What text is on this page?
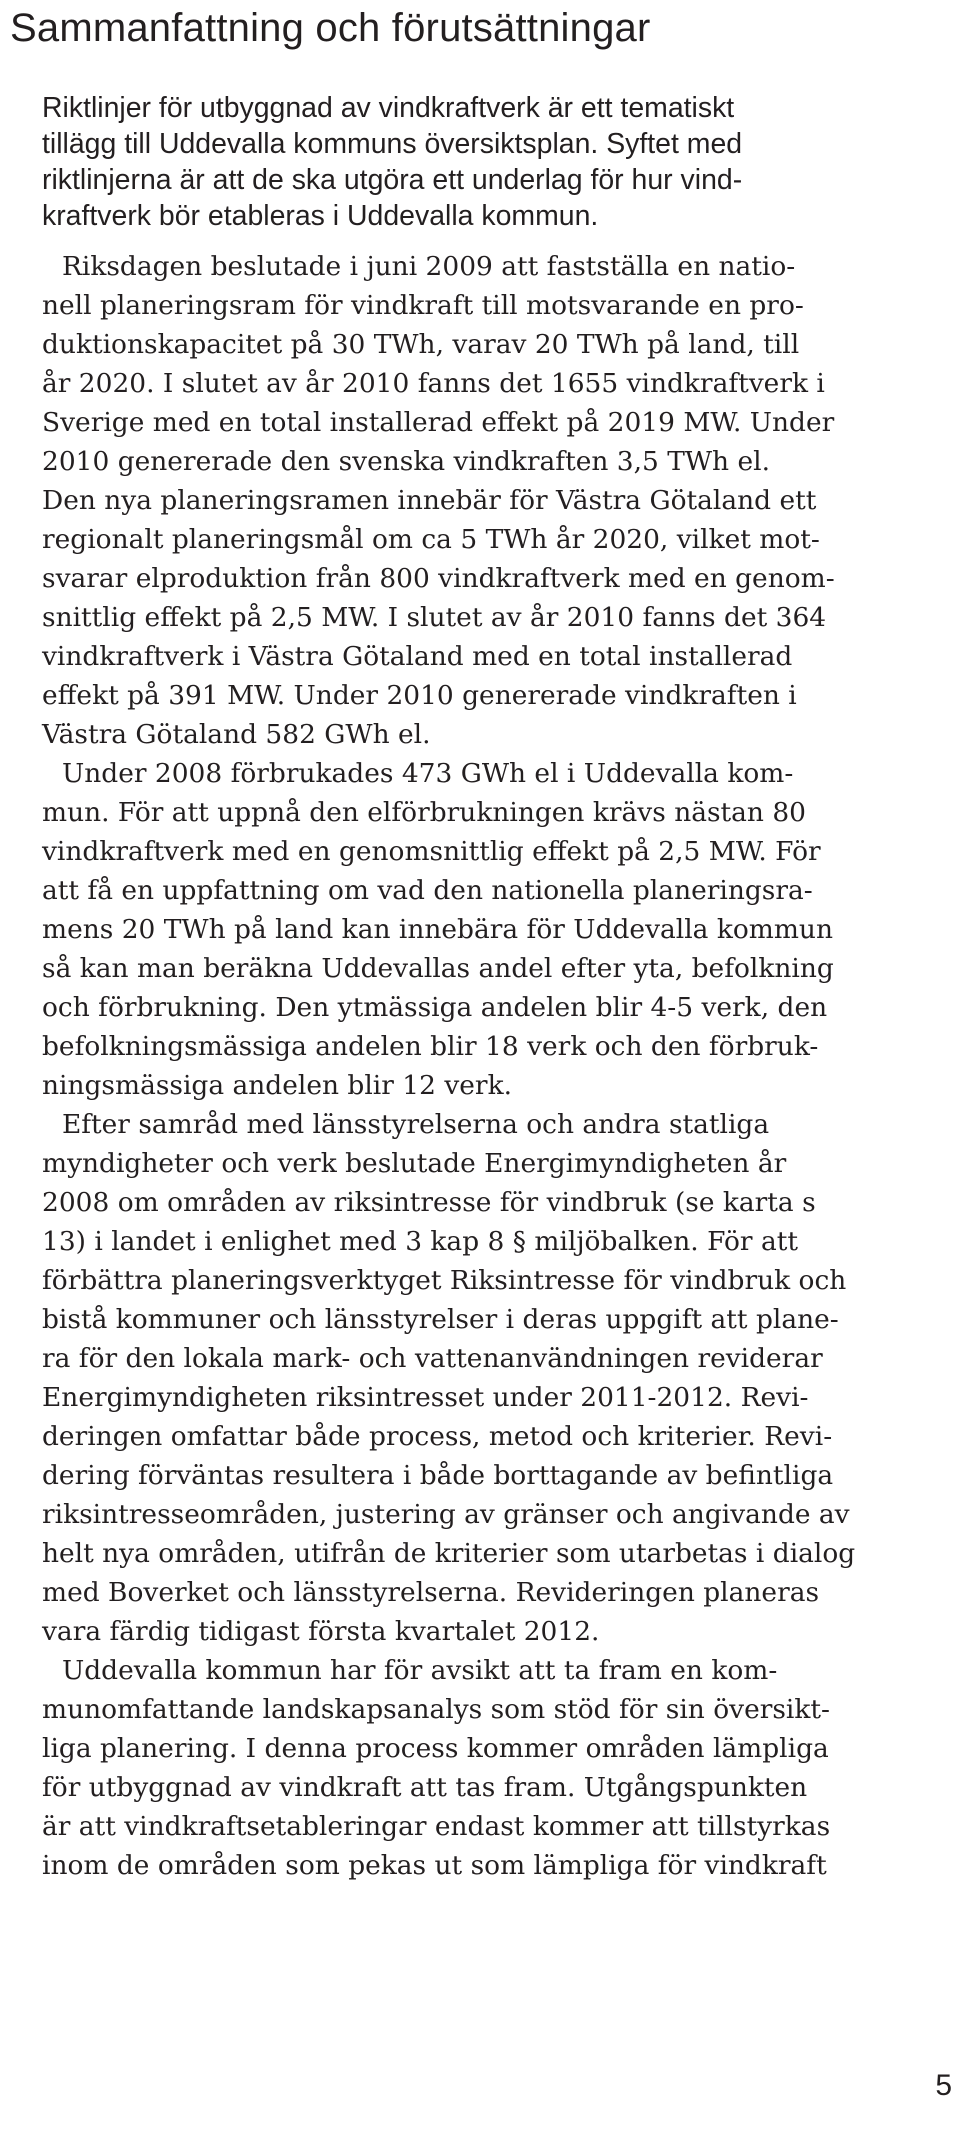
Sammanfattning och förutsättningar
Riktlinjer för utbyggnad av vindkraftverk är ett tematiskt
tillägg till Uddevalla kommuns översiktsplan. Syftet med
riktlinjerna är att de ska utgöra ett underlag för hur vind-
kraftverk bör etableras i Uddevalla kommun.
Riksdagen beslutade i juni 2009 att fastställa en natio-
nell planeringsram för vindkraft till motsvarande en pro-
duktionskapacitet på 30 TWh, varav 20 TWh på land, till
år 2020. I slutet av år 2010 fanns det 1655 vindkraftverk i
Sverige med en total installerad effekt på 2019 MW. Under
2010 genererade den svenska vindkraften 3,5 TWh el.
Den nya planeringsramen innebär för Västra Götaland ett
regionalt planeringsmål om ca 5 TWh år 2020, vilket mot-
svarar elproduktion från 800 vindkraftverk med en genom-
snittlig effekt på 2,5 MW. I slutet av år 2010 fanns det 364
vindkraftverk i Västra Götaland med en total installerad
effekt på 391 MW. Under 2010 genererade vindkraften i
Västra Götaland 582 GWh el.
Under 2008 förbrukades 473 GWh el i Uddevalla kom-
mun. För att uppnå den elförbrukningen krävs nästan 80
vindkraftverk med en genomsnittlig effekt på 2,5 MW. För
att få en uppfattning om vad den nationella planeringsra-
mens 20 TWh på land kan innebära för Uddevalla kommun
så kan man beräkna Uddevallas andel efter yta, befolkning
och förbrukning. Den ytmässiga andelen blir 4-5 verk, den
befolkningsmässiga andelen blir 18 verk och den förbruk-
ningsmässiga andelen blir 12 verk.
Efter samråd med länsstyrelserna och andra statliga
myndigheter och verk beslutade Energimyndigheten år
2008 om områden av riksintresse för vindbruk (se karta s
13) i landet i enlighet med 3 kap 8 § miljöbalken. För att
förbättra planeringsverktyget Riksintresse för vindbruk och
bistå kommuner och länsstyrelser i deras uppgift att plane-
ra för den lokala mark- och vattenanvändningen reviderar
Energimyndigheten riksintresset under 2011-2012. Revi-
deringen omfattar både process, metod och kriterier. Revi-
dering förväntas resultera i både borttagande av befintliga
riksintresseområden, justering av gränser och angivande av
helt nya områden, utifrån de kriterier som utarbetas i dialog
med Boverket och länsstyrelserna. Revideringen planeras
vara färdig tidigast första kvartalet 2012.
Uddevalla kommun har för avsikt att ta fram en kom-
munomfattande landskapsanalys som stöd för sin översikt-
liga planering. I denna process kommer områden lämpliga
för utbyggnad av vindkraft att tas fram. Utgångspunkten
är att vindkraftsetableringar endast kommer att tillstyrkas
inom de områden som pekas ut som lämpliga för vindkraft
5
